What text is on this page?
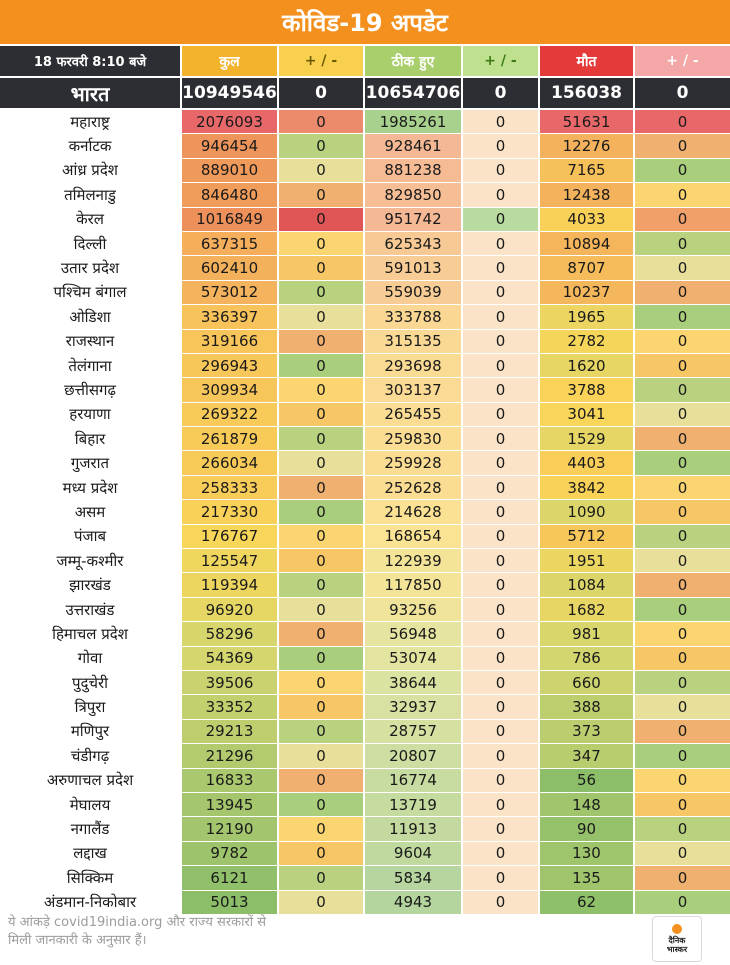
कोविड-19 अपडेट
18 फरवरी 8:10 बजे	कुल	+ / -	ठीक हुए	+ / -	मौत	+ / -
भारत	10949546	0	10654706	0	156038	0
महाराष्ट्र	2076093	0	1985261	0	51631	0
कर्नाटक	946454	0	928461	0	12276	0
आंध्र प्रदेश	889010	0	881238	0	7165	0
तमिलनाडु	846480	0	829850	0	12438	0
केरल	1016849	0	951742	0	4033	0
दिल्ली	637315	0	625343	0	10894	0
उतार प्रदेश	602410	0	591013	0	8707	0
पश्चिम बंगाल	573012	0	559039	0	10237	0
ओडिशा	336397	0	333788	0	1965	0
राजस्थान	319166	0	315135	0	2782	0
तेलंगाना	296943	0	293698	0	1620	0
छत्तीसगढ़	309934	0	303137	0	3788	0
हरयाणा	269322	0	265455	0	3041	0
बिहार	261879	0	259830	0	1529	0
गुजरात	266034	0	259928	0	4403	0
मध्य प्रदेश	258333	0	252628	0	3842	0
असम	217330	0	214628	0	1090	0
पंजाब	176767	0	168654	0	5712	0
जम्मू-कश्मीर	125547	0	122939	0	1951	0
झारखंड	119394	0	117850	0	1084	0
उत्तराखंड	96920	0	93256	0	1682	0
हिमाचल प्रदेश	58296	0	56948	0	981	0
गोवा	54369	0	53074	0	786	0
पुदुचेरी	39506	0	38644	0	660	0
त्रिपुरा	33352	0	32937	0	388	0
मणिपुर	29213	0	28757	0	373	0
चंडीगढ़	21296	0	20807	0	347	0
अरुणाचल प्रदेश	16833	0	16774	0	56	0
मेघालय	13945	0	13719	0	148	0
नगालैंड	12190	0	11913	0	90	0
लद्दाख	9782	0	9604	0	130	0
सिक्किम	6121	0	5834	0	135	0
अंडमान-निकोबार	5013	0	4943	0	62	0
ये आंकड़े covid19india.org और राज्य सरकारों से
मिली जानकारी के अनुसार हैं।	दैनिक
भास्कर
